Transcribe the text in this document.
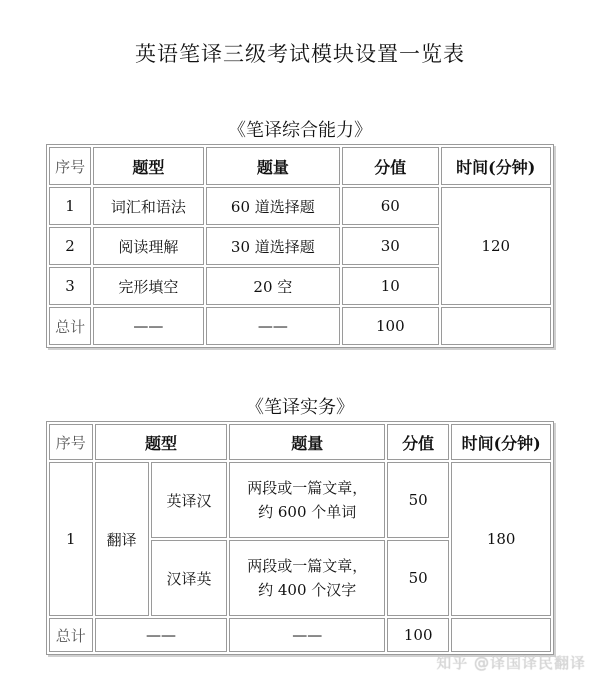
英语笔译三级考试模块设置一览表
《笔译综合能力》
序号	题型	题量	分值	时间(分钟)
1	词汇和语法	60 道选择题	60	120
2	阅读理解	30 道选择题	30	
3	完形填空	20 空	10	
总计	——	——	100	
《笔译实务》
序号	题型		题量	分值	时间(分钟)
1	翻译	英译汉	两段或一篇文章，
约 600 个单词	50	180
		汉译英	两段或一篇文章，
约 400 个汉字	50	
总计	——		——	100	
知乎 @译国译民翻译
